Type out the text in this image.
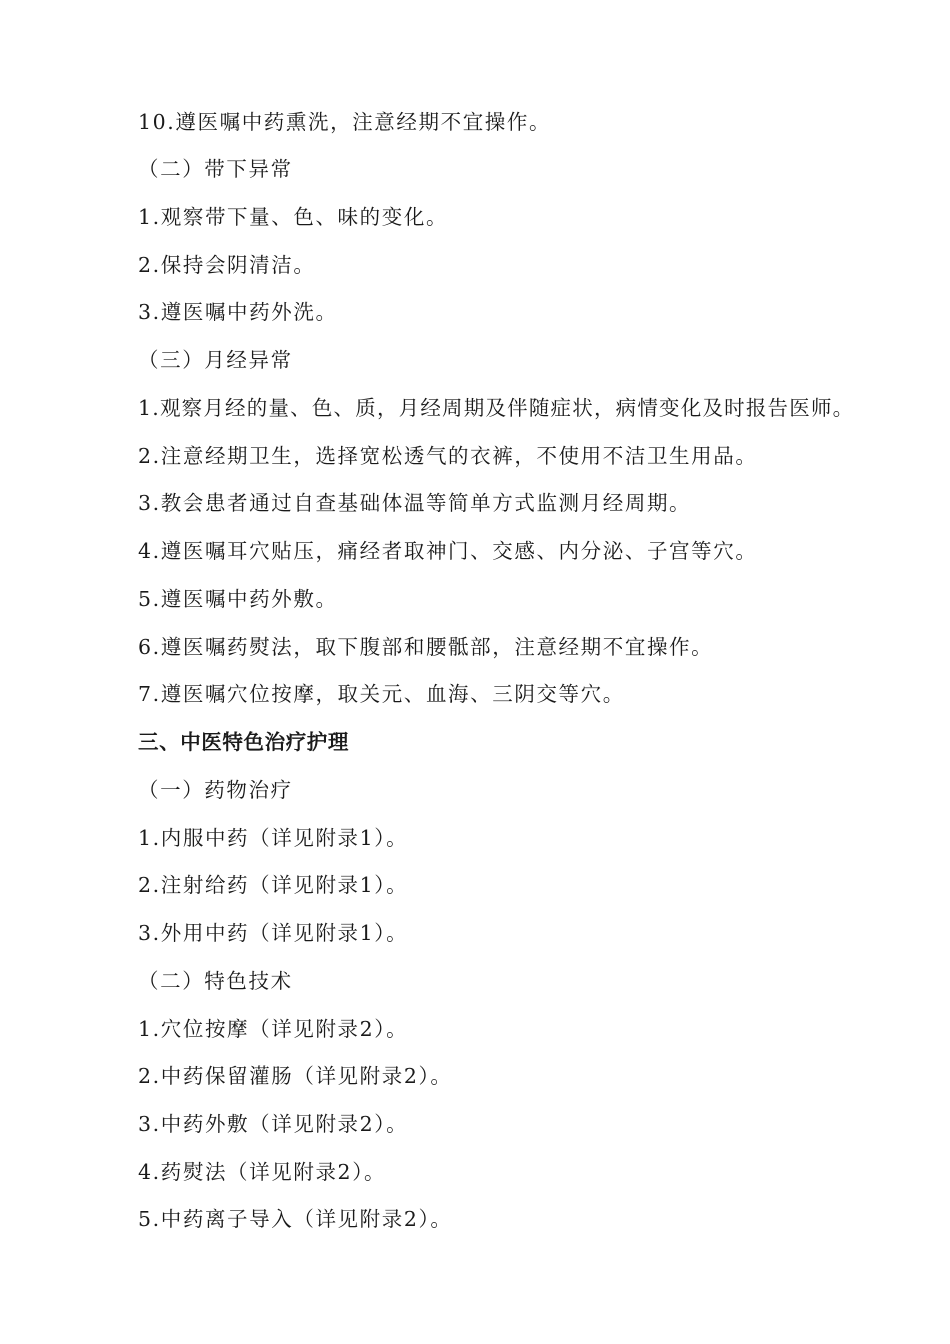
10.遵医嘱中药熏洗，注意经期不宜操作。
（二）带下异常
1.观察带下量、色、味的变化。
2.保持会阴清洁。
3.遵医嘱中药外洗。
（三）月经异常
1.观察月经的量、色、质，月经周期及伴随症状，病情变化及时报告医师。
2.注意经期卫生，选择宽松透气的衣裤，不使用不洁卫生用品。
3.教会患者通过自查基础体温等简单方式监测月经周期。
4.遵医嘱耳穴贴压，痛经者取神门、交感、内分泌、子宫等穴。
5.遵医嘱中药外敷。
6.遵医嘱药熨法，取下腹部和腰骶部，注意经期不宜操作。
7.遵医嘱穴位按摩，取关元、血海、三阴交等穴。
三、中医特色治疗护理
（一）药物治疗
1.内服中药（详见附录1）。
2.注射给药（详见附录1）。
3.外用中药（详见附录1）。
（二）特色技术
1.穴位按摩（详见附录2）。
2.中药保留灌肠（详见附录2）。
3.中药外敷（详见附录2）。
4.药熨法（详见附录2）。
5.中药离子导入（详见附录2）。
